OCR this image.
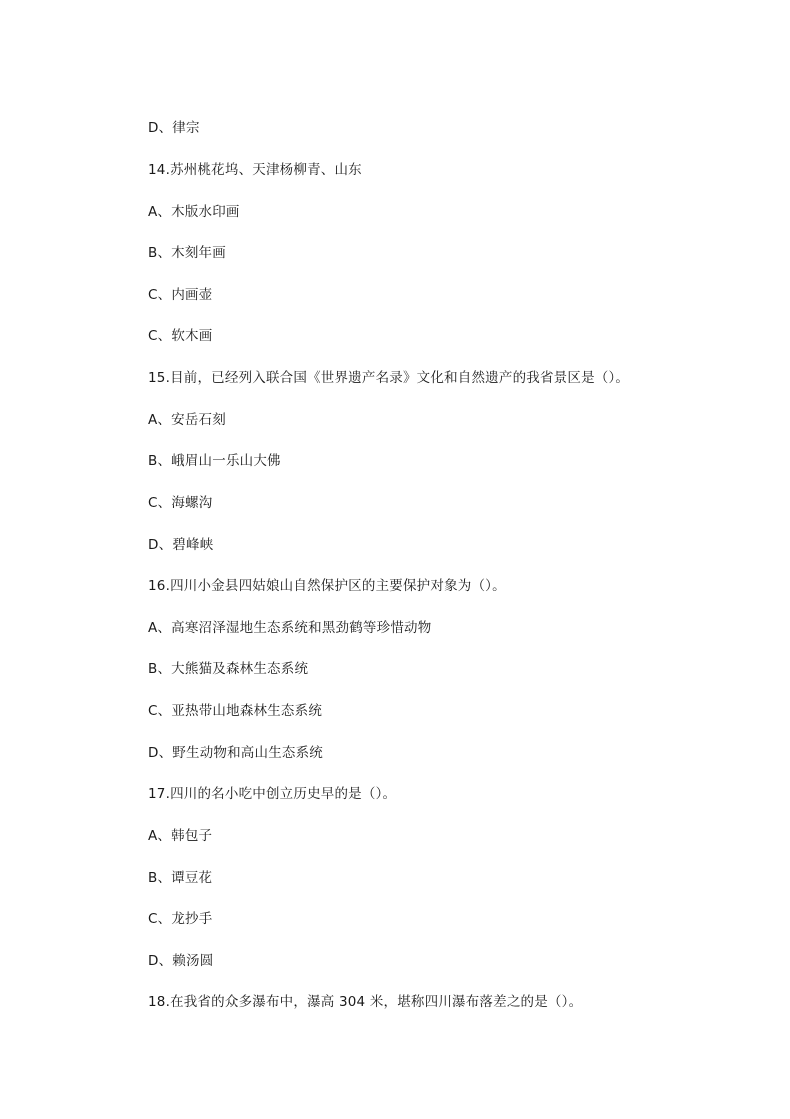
D、律宗
14.苏州桃花坞、天津杨柳青、山东
A、木版水印画
B、木刻年画
C、内画壶
C、软木画
15.目前，已经列入联合国《世界遗产名录》文化和自然遗产的我省景区是（）。
A、安岳石刻
B、峨眉山一乐山大佛
C、海螺沟
D、碧峰峡
16.四川小金县四姑娘山自然保护区的主要保护对象为（）。
A、高寒沼泽湿地生态系统和黑劲鹤等珍惜动物
B、大熊猫及森林生态系统
C、亚热带山地森林生态系统
D、野生动物和高山生态系统
17.四川的名小吃中创立历史早的是（）。
A、韩包子
B、谭豆花
C、龙抄手
D、赖汤圆
18.在我省的众多瀑布中，瀑高 304 米，堪称四川瀑布落差之的是（）。
